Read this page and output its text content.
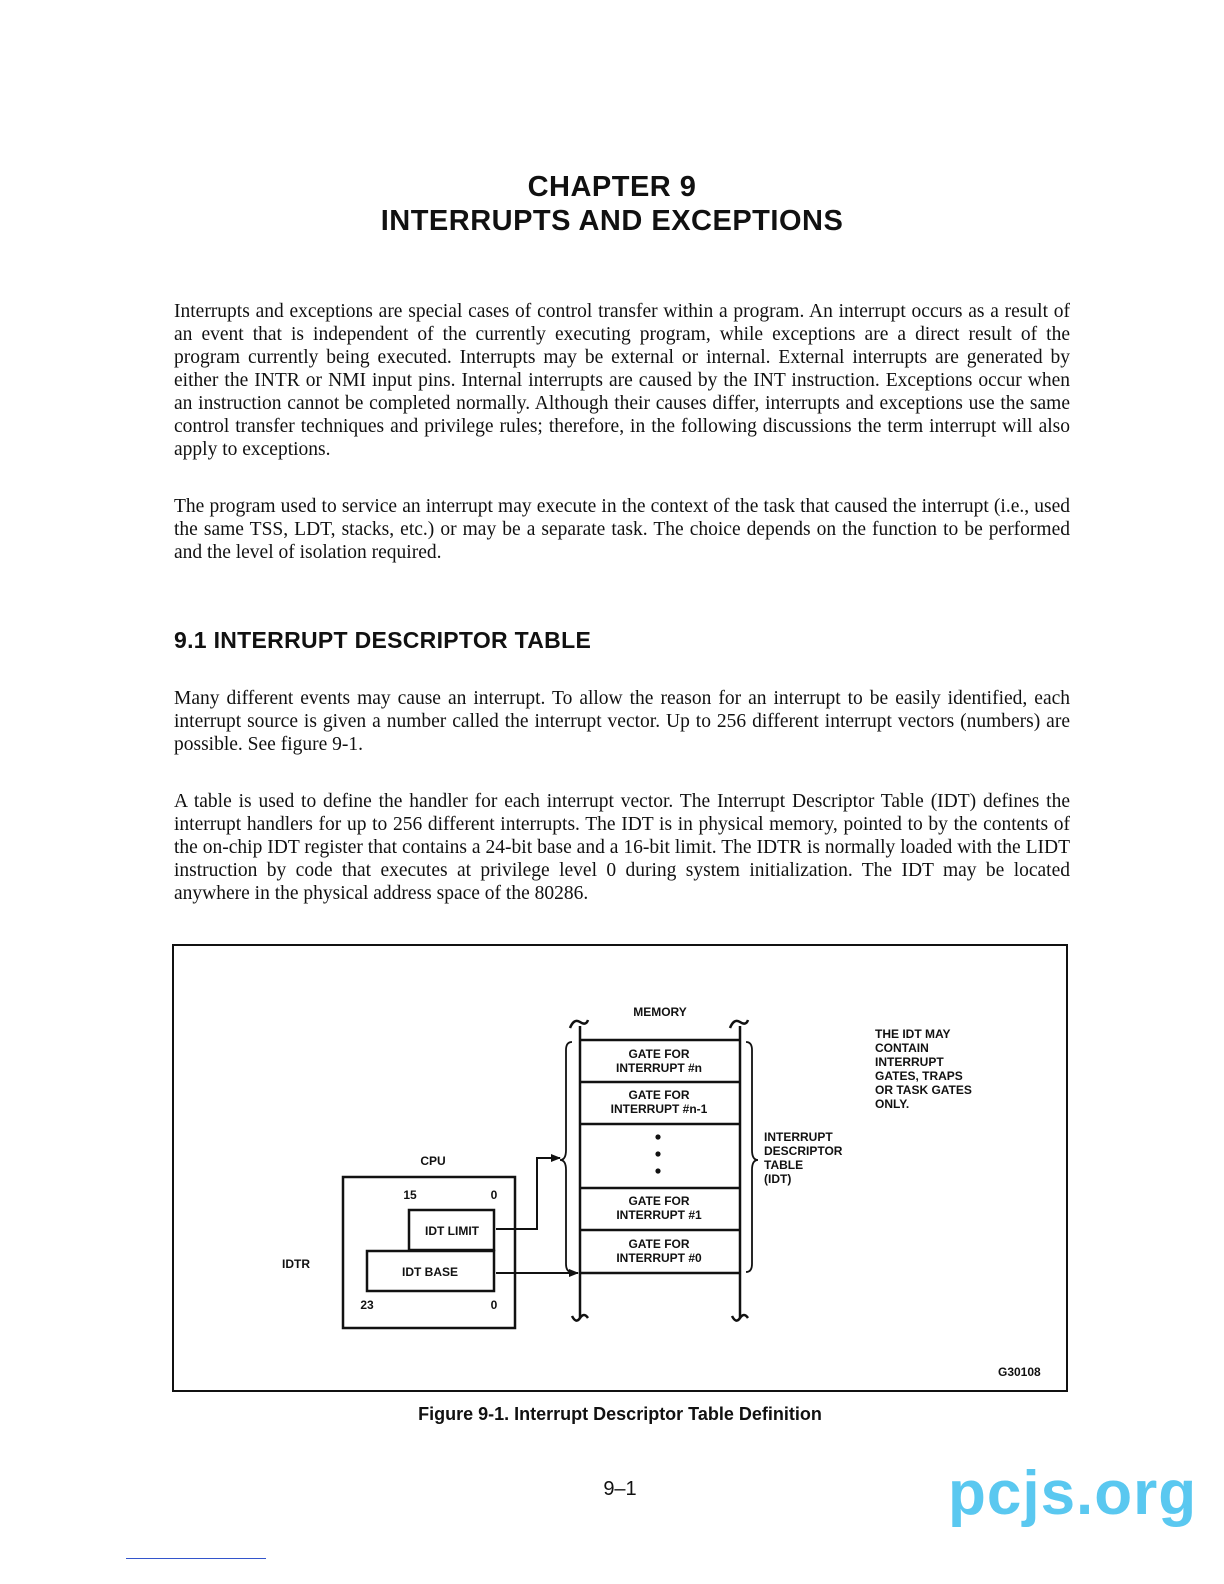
CHAPTER 9
INTERRUPTS AND EXCEPTIONS

Interrupts and exceptions are special cases of control transfer within a program. An interrupt occurs as a result of an event that is independent of the currently executing program, while exceptions are a direct result of the program currently being executed. Interrupts may be external or internal. External interrupts are generated by either the INTR or NMI input pins. Internal interrupts are caused by the INT instruction. Exceptions occur when an instruction cannot be completed normally. Although their causes differ, interrupts and exceptions use the same control transfer techniques and privilege rules; therefore, in the following discussions the term interrupt will also apply to exceptions.

The program used to service an interrupt may execute in the context of the task that caused the interrupt (i.e., used the same TSS, LDT, stacks, etc.) or may be a separate task. The choice depends on the function to be performed and the level of isolation required.

9.1 INTERRUPT DESCRIPTOR TABLE

Many different events may cause an interrupt. To allow the reason for an interrupt to be easily identified, each interrupt source is given a number called the interrupt vector. Up to 256 different interrupt vectors (numbers) are possible. See figure 9-1.

A table is used to define the handler for each interrupt vector. The Interrupt Descriptor Table (IDT) defines the interrupt handlers for up to 256 different interrupts. The IDT is in physical memory, pointed to by the contents of the on-chip IDT register that contains a 24-bit base and a 16-bit limit. The IDTR is normally loaded with the LIDT instruction by code that executes at privilege level 0 during system initialization. The IDT may be located anywhere in the physical address space of the 80286.

MEMORY
GATE FOR
INTERRUPT #n
GATE FOR
INTERRUPT #n-1
GATE FOR
INTERRUPT #1
GATE FOR
INTERRUPT #0
INTERRUPT
DESCRIPTOR
TABLE
(IDT)
THE IDT MAY
CONTAIN
INTERRUPT
GATES, TRAPS
OR TASK GATES
ONLY.
CPU
15	0
IDT LIMIT
IDT BASE
23	0
IDTR
G30108
Figure 9-1. Interrupt Descriptor Table Definition
9–1	pcjs.org
